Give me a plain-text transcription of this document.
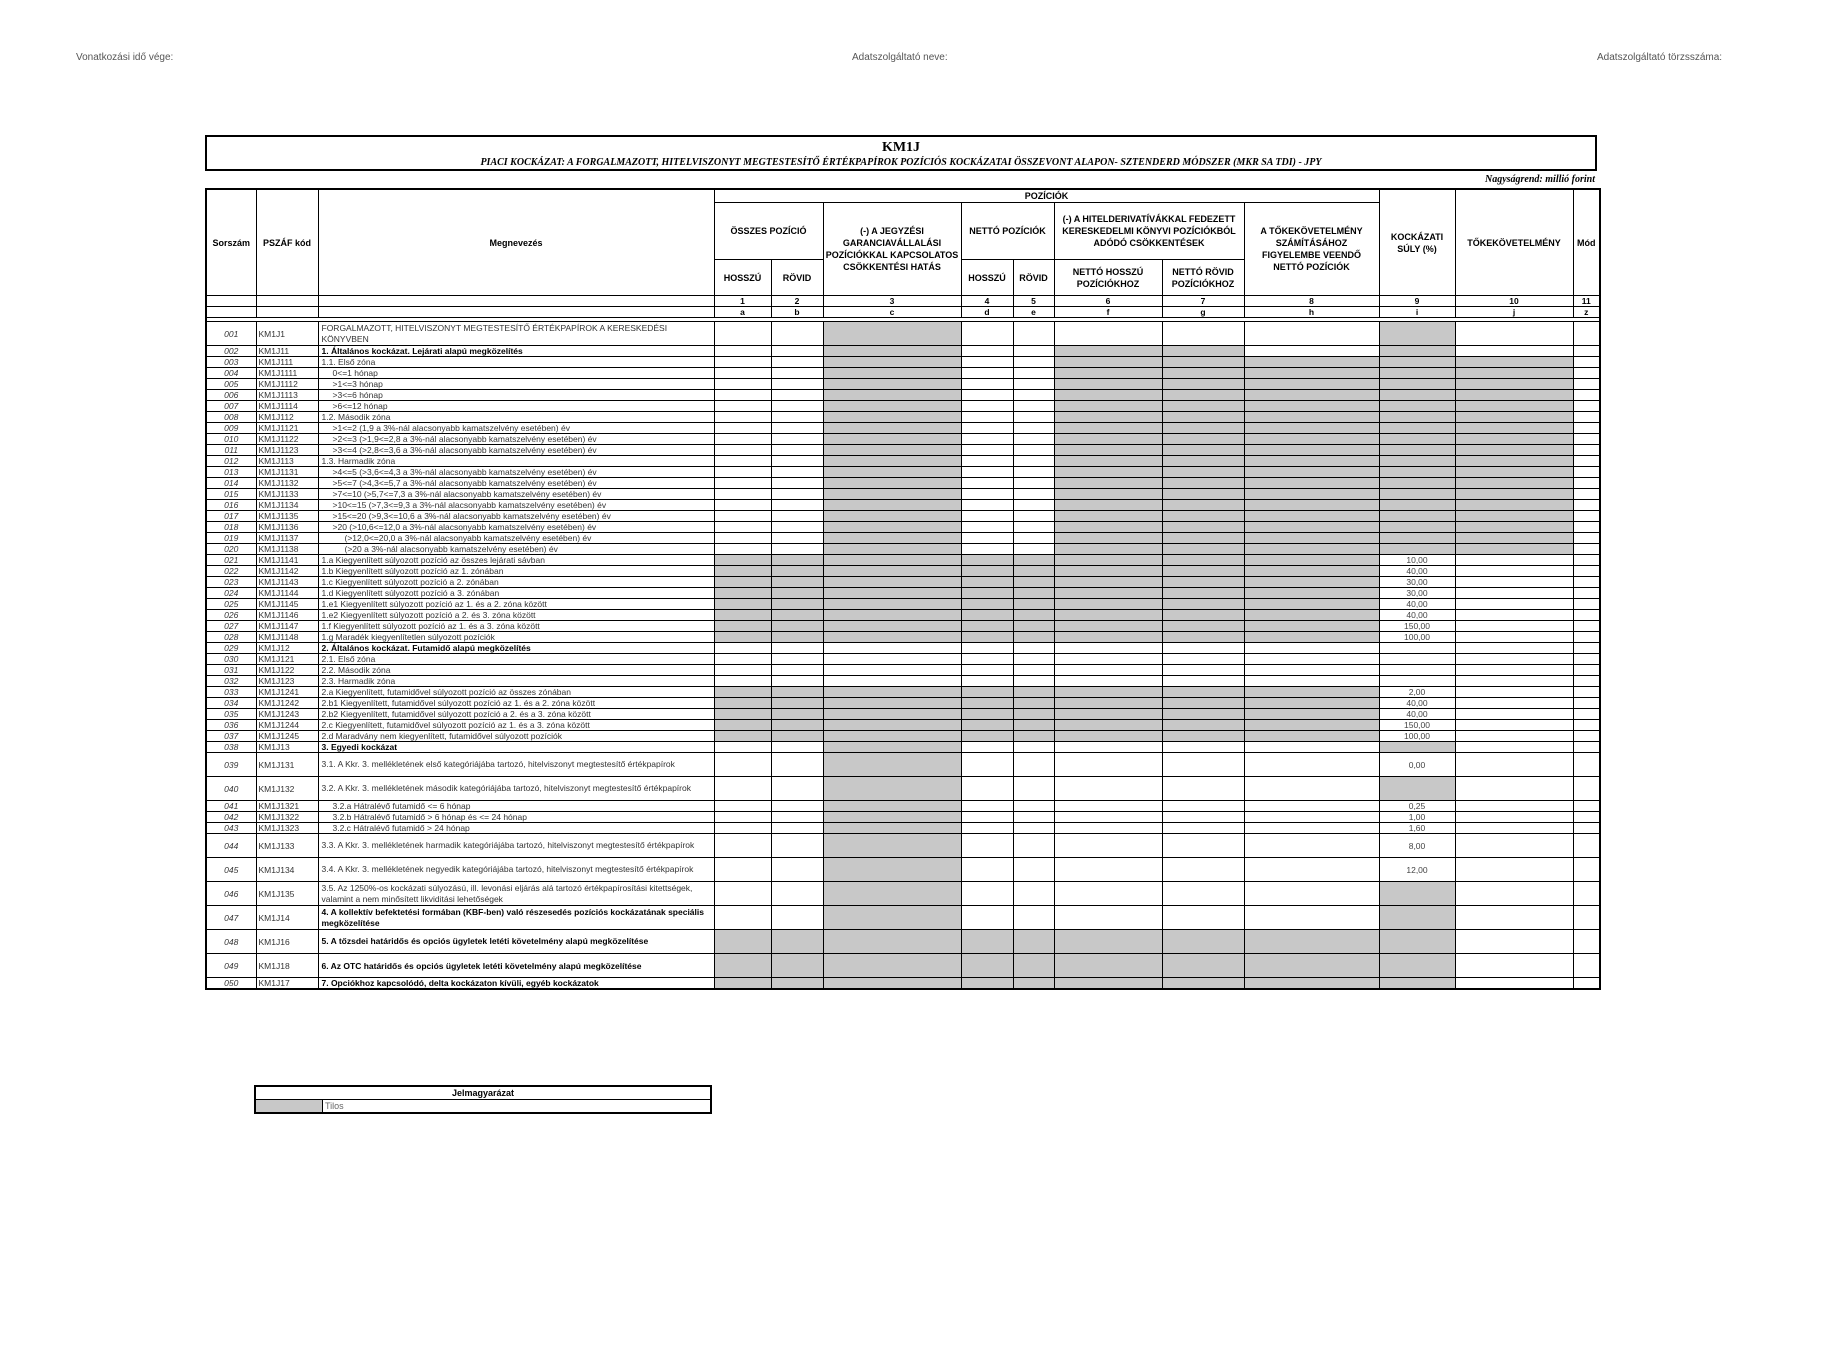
Vonatkozási idő vége:	Adatszolgáltató neve:	Adatszolgáltató törzsszáma:
KM1J
PIACI KOCKÁZAT: A FORGALMAZOTT, HITELVISZONYT MEGTESTESÍTŐ ÉRTÉKPAPÍROK POZÍCIÓS KOCKÁZATAI ÖSSZEVONT ALAPON- SZTENDERD MÓDSZER (MKR SA TDI) - JPY
Nagyságrend: millió forint
Sorszám	PSZÁF kód	Megnevezés	POZÍCIÓK								KOCKÁZATI SÚLY (%)	TŐKEKÖVETELMÉNY	Mód
			ÖSSZES POZÍCIÓ		(-) A JEGYZÉSI GARANCIAVÁLLALÁSI POZÍCIÓKKAL KAPCSOLATOS CSÖKKENTÉSI HATÁS	NETTÓ POZÍCIÓK		(-) A HITELDERIVATÍVÁKKAL FEDEZETT KERESKEDELMI KÖNYVI POZÍCIÓKBÓL ADÓDÓ CSÖKKENTÉSEK		A TŐKEKÖVETELMÉNY SZÁMÍTÁSÁHOZ FIGYELEMBE VEENDŐ NETTÓ POZÍCIÓK			
			HOSSZÚ	RÖVID		HOSSZÚ	RÖVID	NETTÓ HOSSZÚ POZÍCIÓKHOZ	NETTÓ RÖVID POZÍCIÓKHOZ				
			1	2	3	4	5	6	7	8	9	10	11
			a	b	c	d	e	f	g	h	i	j	z

001	KM1J1	FORGALMAZOTT, HITELVISZONYT MEGTESTESÍTŐ ÉRTÉKPAPÍROK A KERESKEDÉSI KÖNYVBEN											
002	KM1J11	1. Általános kockázat. Lejárati alapú megközelítés											
003	KM1J111	1.1. Első zóna											
004	KM1J1111	0<=1 hónap											
005	KM1J1112	>1<=3 hónap											
006	KM1J1113	>3<=6 hónap											
007	KM1J1114	>6<=12 hónap											
008	KM1J112	1.2. Második zóna											
009	KM1J1121	>1<=2 (1,9 a 3%-nál alacsonyabb kamatszelvény esetében) év											
010	KM1J1122	>2<=3 (>1,9<=2,8 a 3%-nál alacsonyabb kamatszelvény esetében) év											
011	KM1J1123	>3<=4 (>2,8<=3,6 a 3%-nál alacsonyabb kamatszelvény esetében) év											
012	KM1J113	1.3. Harmadik zóna											
013	KM1J1131	>4<=5 (>3,6<=4,3 a 3%-nál alacsonyabb kamatszelvény esetében) év											
014	KM1J1132	>5<=7 (>4,3<=5,7 a 3%-nál alacsonyabb kamatszelvény esetében) év											
015	KM1J1133	>7<=10 (>5,7<=7,3 a 3%-nál alacsonyabb kamatszelvény esetében) év											
016	KM1J1134	>10<=15 (>7,3<=9,3 a 3%-nál alacsonyabb kamatszelvény esetében) év											
017	KM1J1135	>15<=20 (>9,3<=10,6 a 3%-nál alacsonyabb kamatszelvény esetében) év											
018	KM1J1136	>20 (>10,6<=12,0 a 3%-nál alacsonyabb kamatszelvény esetében) év											
019	KM1J1137	(>12,0<=20,0 a 3%-nál alacsonyabb kamatszelvény esetében) év											
020	KM1J1138	(>20 a 3%-nál alacsonyabb kamatszelvény esetében) év											
021	KM1J1141	1.a Kiegyenlített súlyozott pozíció az összes lejárati sávban									10,00		
022	KM1J1142	1.b Kiegyenlített súlyozott pozíció az 1. zónában									40,00		
023	KM1J1143	1.c Kiegyenlített súlyozott pozíció a 2. zónában									30,00		
024	KM1J1144	1.d Kiegyenlített súlyozott pozíció a 3. zónában									30,00		
025	KM1J1145	1.e1 Kiegyenlített súlyozott pozíció az 1. és a 2. zóna között									40,00		
026	KM1J1146	1.e2 Kiegyenlített súlyozott pozíció a 2. és 3. zóna között									40,00		
027	KM1J1147	1.f Kiegyenlített súlyozott pozíció az 1. és a 3. zóna között									150,00		
028	KM1J1148	1.g Maradék kiegyenlítetlen súlyozott pozíciók									100,00		
029	KM1J12	2. Általános kockázat. Futamidő alapú megközelítés											
030	KM1J121	2.1. Első zóna											
031	KM1J122	2.2. Második zóna											
032	KM1J123	2.3. Harmadik zóna											
033	KM1J1241	2.a Kiegyenlített, futamidővel súlyozott pozíció az összes zónában									2,00		
034	KM1J1242	2.b1 Kiegyenlített, futamidővel súlyozott pozíció az 1. és a 2. zóna között									40,00		
035	KM1J1243	2.b2 Kiegyenlített, futamidővel súlyozott pozíció a 2. és a 3. zóna között									40,00		
036	KM1J1244	2.c Kiegyenlített, futamidővel súlyozott pozíció az 1. és a 3. zóna között									150,00		
037	KM1J1245	2.d Maradvány nem kiegyenlített, futamidővel súlyozott pozíciók									100,00		
038	KM1J13	3. Egyedi kockázat											
039	KM1J131	3.1. A Kkr. 3. mellékletének első kategóriájába tartozó, hitelviszonyt megtestesítő értékpapírok									0,00		
040	KM1J132	3.2. A Kkr. 3. mellékletének második kategóriájába tartozó, hitelviszonyt megtestesítő értékpapírok											
041	KM1J1321	3.2.a Hátralévő futamidő <= 6 hónap									0,25		
042	KM1J1322	3.2.b Hátralévő futamidő > 6 hónap és <= 24 hónap									1,00		
043	KM1J1323	3.2.c Hátralévő futamidő > 24 hónap									1,60		
044	KM1J133	3.3. A Kkr. 3. mellékletének harmadik kategóriájába tartozó, hitelviszonyt megtestesítő értékpapírok									8,00		
045	KM1J134	3.4. A Kkr. 3. mellékletének negyedik kategóriájába tartozó, hitelviszonyt megtestesítő értékpapírok									12,00		
046	KM1J135	3.5. Az 1250%-os kockázati súlyozású, ill. levonási eljárás alá tartozó értékpapírosítási kitettségek, valamint a nem minősített likviditási lehetőségek											
047	KM1J14	4. A kollektív befektetési formában (KBF-ben) való részesedés pozíciós kockázatának speciális megközelítése											
048	KM1J16	5. A tőzsdei határidős és opciós ügyletek letéti követelmény alapú megközelítése											
049	KM1J18	6. Az OTC határidős és opciós ügyletek letéti követelmény alapú megközelítése											
050	KM1J17	7. Opciókhoz kapcsolódó, delta kockázaton kívüli, egyéb kockázatok											
Jelmagyarázat
	Tilos
